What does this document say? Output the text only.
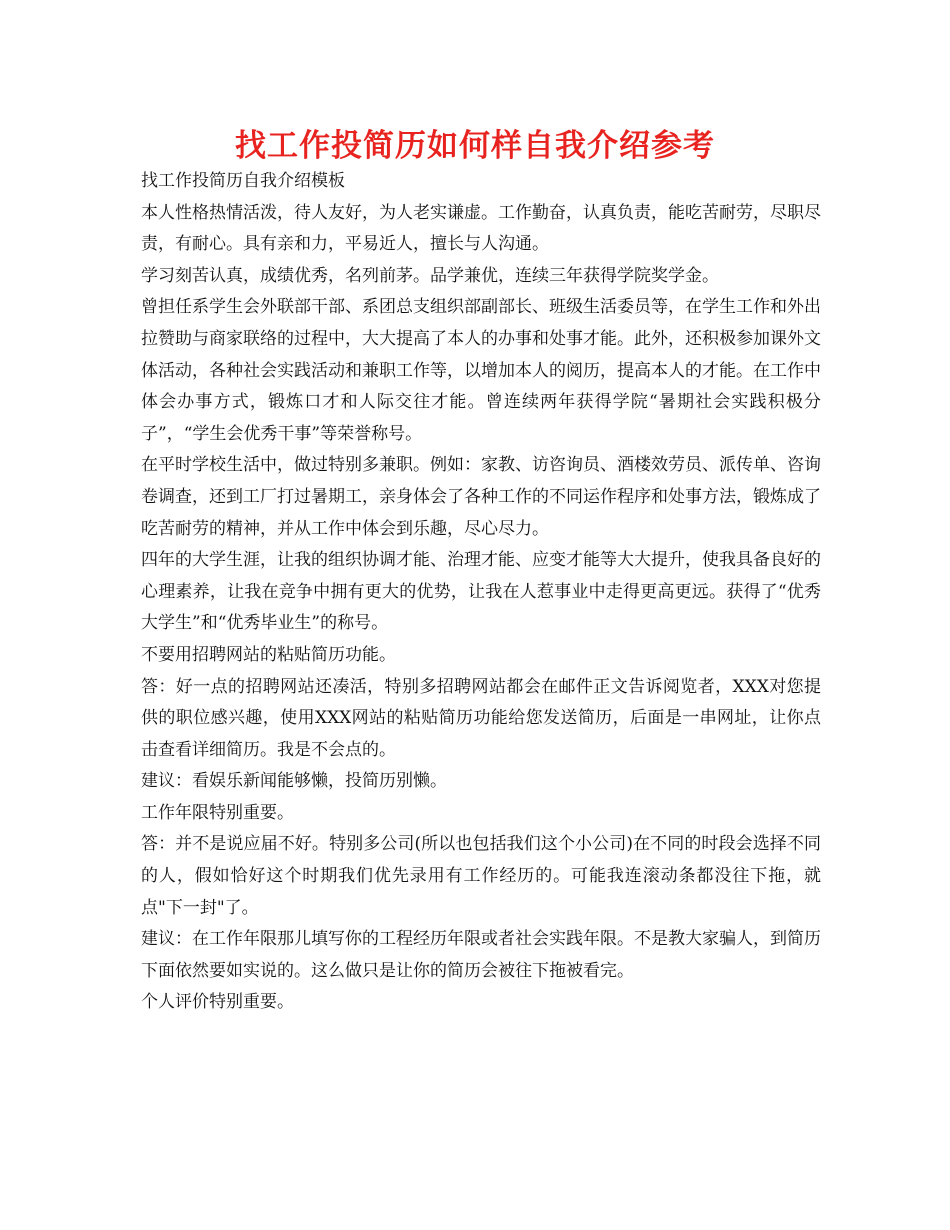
找工作投简历如何样自我介绍参考

找工作投简历自我介绍模板

本人性格热情活泼，待人友好，为人老实谦虚。工作勤奋，认真负责，能吃苦耐劳，尽职尽责，有耐心。具有亲和力，平易近人，擅长与人沟通。

学习刻苦认真，成绩优秀，名列前茅。品学兼优，连续三年获得学院奖学金。

曾担任系学生会外联部干部、系团总支组织部副部长、班级生活委员等，在学生工作和外出拉赞助与商家联络的过程中，大大提高了本人的办事和处事才能。此外，还积极参加课外文体活动，各种社会实践活动和兼职工作等，以增加本人的阅历，提高本人的才能。在工作中体会办事方式，锻炼口才和人际交往才能。曾连续两年获得学院“暑期社会实践积极分子”，“学生会优秀干事”等荣誉称号。

在平时学校生活中，做过特别多兼职。例如：家教、访咨询员、酒楼效劳员、派传单、咨询卷调查，还到工厂打过暑期工，亲身体会了各种工作的不同运作程序和处事方法，锻炼成了吃苦耐劳的精神，并从工作中体会到乐趣，尽心尽力。

四年的大学生涯，让我的组织协调才能、治理才能、应变才能等大大提升，使我具备良好的心理素养，让我在竞争中拥有更大的优势，让我在人惹事业中走得更高更远。获得了“优秀大学生”和“优秀毕业生”的称号。

不要用招聘网站的粘贴简历功能。

答：好一点的招聘网站还凑活，特别多招聘网站都会在邮件正文告诉阅览者，XXX对您提供的职位感兴趣，使用XXX网站的粘贴简历功能给您发送简历，后面是一串网址，让你点击查看详细简历。我是不会点的。

建议：看娱乐新闻能够懒，投简历别懒。

工作年限特别重要。

答：并不是说应届不好。特别多公司(所以也包括我们这个小公司)在不同的时段会选择不同的人，假如恰好这个时期我们优先录用有工作经历的。可能我连滚动条都没往下拖，就点"下一封"了。

建议：在工作年限那儿填写你的工程经历年限或者社会实践年限。不是教大家骗人，到简历下面依然要如实说的。这么做只是让你的简历会被往下拖被看完。

个人评价特别重要。
